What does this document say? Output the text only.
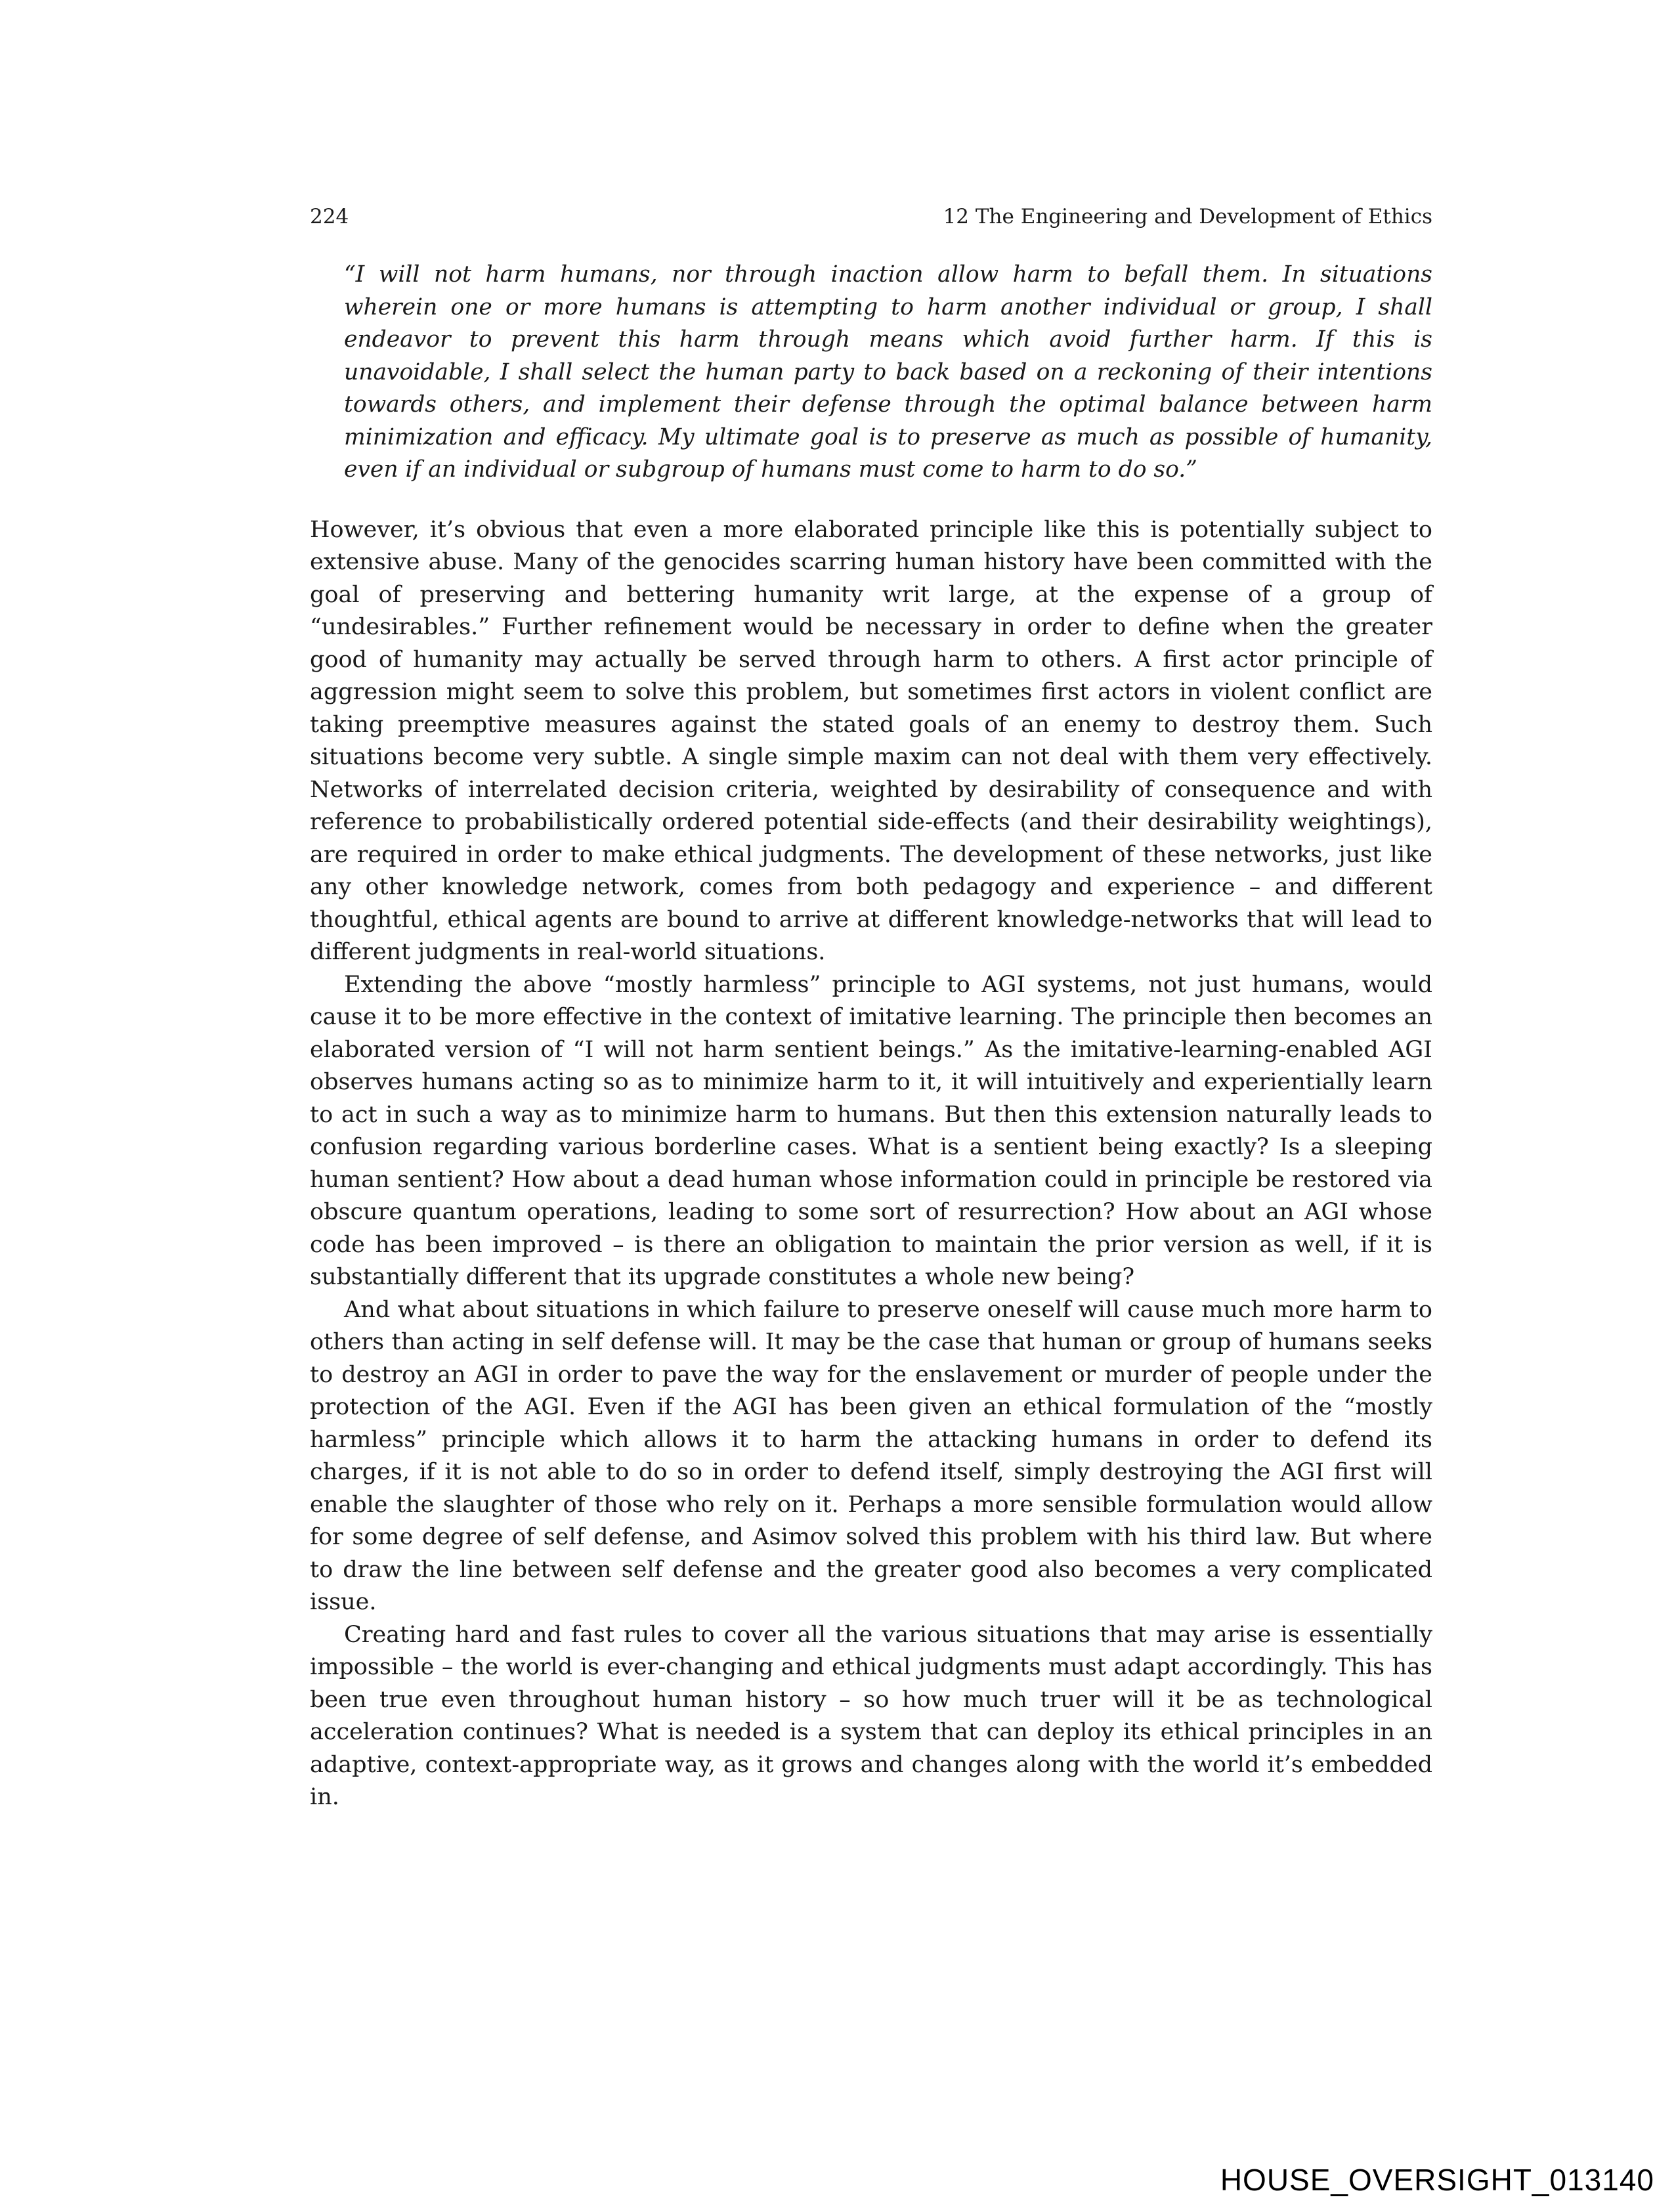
224	12 The Engineering and Development of Ethics

“I will not harm humans, nor through inaction allow harm to befall them. In situations wherein one or more humans is attempting to harm another individual or group, I shall endeavor to prevent this harm through means which avoid further harm. If this is unavoidable, I shall select the human party to back based on a reckoning of their intentions towards others, and implement their defense through the optimal balance between harm minimization and efficacy. My ultimate goal is to preserve as much as possible of humanity, even if an individual or subgroup of humans must come to harm to do so.”

However, it’s obvious that even a more elaborated principle like this is potentially subject to extensive abuse. Many of the genocides scarring human history have been committed with the goal of preserving and bettering humanity writ large, at the expense of a group of “undesirables.” Further refinement would be necessary in order to define when the greater good of humanity may actually be served through harm to others. A first actor principle of aggression might seem to solve this problem, but sometimes first actors in violent conflict are taking preemptive measures against the stated goals of an enemy to destroy them. Such situations become very subtle. A single simple maxim can not deal with them very effectively. Networks of interrelated decision criteria, weighted by desirability of consequence and with reference to probabilistically ordered potential side-effects (and their desirability weightings), are required in order to make ethical judgments. The development of these networks, just like any other knowledge network, comes from both pedagogy and experience – and different thoughtful, ethical agents are bound to arrive at different knowledge-networks that will lead to different judgments in real-world situations.

Extending the above “mostly harmless” principle to AGI systems, not just humans, would cause it to be more effective in the context of imitative learning. The principle then becomes an elaborated version of “I will not harm sentient beings.” As the imitative-learning-enabled AGI observes humans acting so as to minimize harm to it, it will intuitively and experientially learn to act in such a way as to minimize harm to humans. But then this extension naturally leads to confusion regarding various borderline cases. What is a sentient being exactly? Is a sleeping human sentient? How about a dead human whose information could in principle be restored via obscure quantum operations, leading to some sort of resurrection? How about an AGI whose code has been improved – is there an obligation to maintain the prior version as well, if it is substantially different that its upgrade constitutes a whole new being?

And what about situations in which failure to preserve oneself will cause much more harm to others than acting in self defense will. It may be the case that human or group of humans seeks to destroy an AGI in order to pave the way for the enslavement or murder of people under the protection of the AGI. Even if the AGI has been given an ethical formulation of the “mostly harmless” principle which allows it to harm the attacking humans in order to defend its charges, if it is not able to do so in order to defend itself, simply destroying the AGI first will enable the slaughter of those who rely on it. Perhaps a more sensible formulation would allow for some degree of self defense, and Asimov solved this problem with his third law. But where to draw the line between self defense and the greater good also becomes a very complicated issue.

Creating hard and fast rules to cover all the various situations that may arise is essentially impossible – the world is ever-changing and ethical judgments must adapt accordingly. This has been true even throughout human history – so how much truer will it be as technological acceleration continues? What is needed is a system that can deploy its ethical principles in an adaptive, context-appropriate way, as it grows and changes along with the world it’s embedded in.

HOUSE_OVERSIGHT_013140
